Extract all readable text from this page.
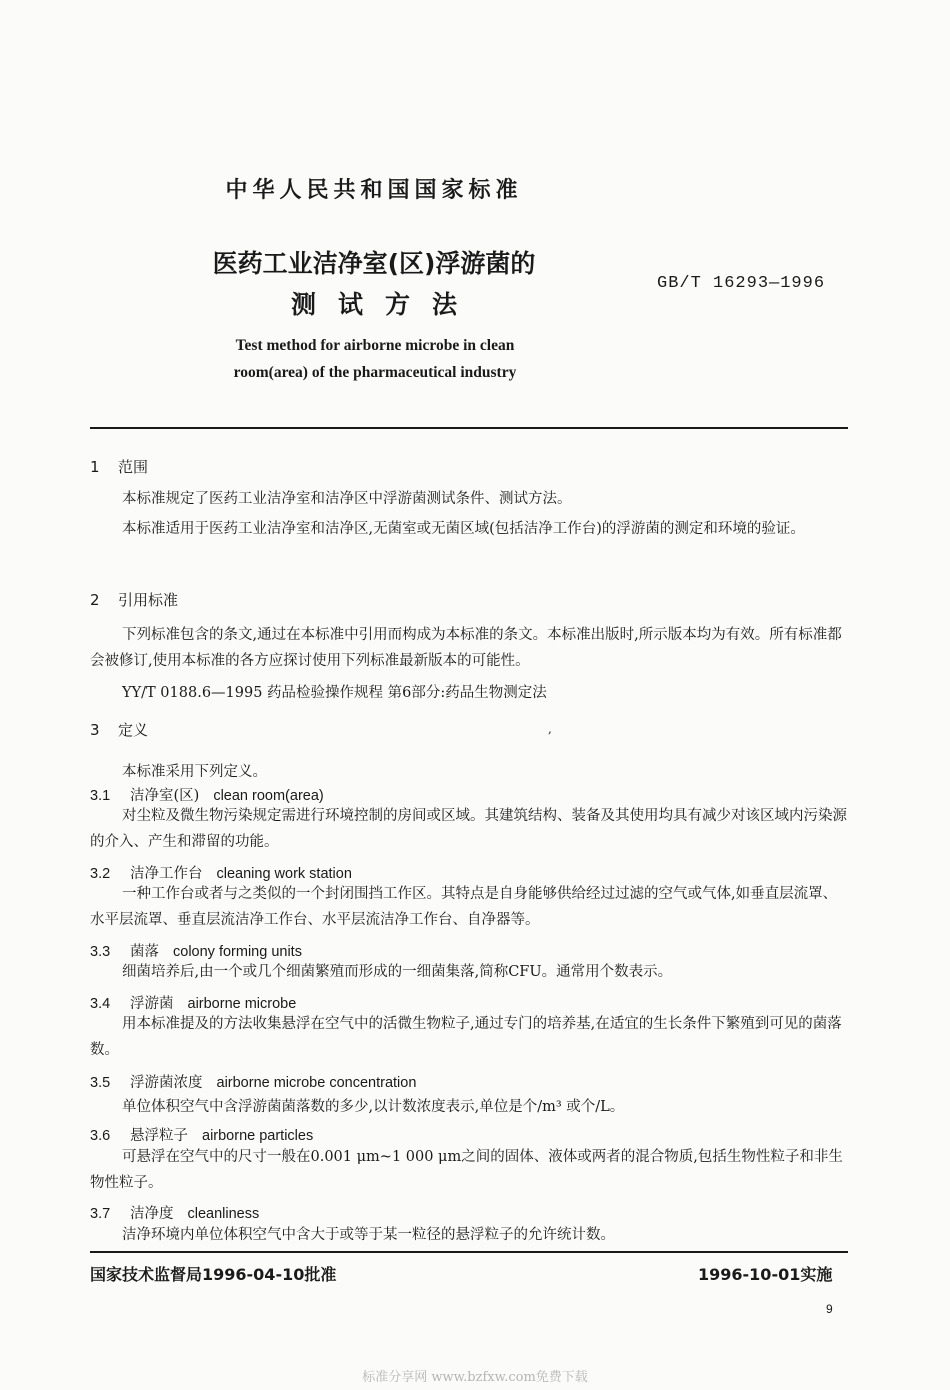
中华人民共和国国家标准
医药工业洁净室(区)浮游菌的
测试方法
GB/T 16293—1996
Test method for airborne microbe in clean
room(area) of the pharmaceutical industry
1 范围
本标准规定了医药工业洁净室和洁净区中浮游菌测试条件、测试方法。
本标准适用于医药工业洁净室和洁净区,无菌室或无菌区域(包括洁净工作台)的浮游菌的测定和环境的验证。
2 引用标准
下列标准包含的条文,通过在本标准中引用而构成为本标准的条文。本标准出版时,所示版本均为有效。所有标准都会被修订,使用本标准的各方应探讨使用下列标准最新版本的可能性。
YY/T 0188.6—1995 药品检验操作规程 第6部分:药品生物测定法
3 定义	,
本标准采用下列定义。
3.1 洁净室(区) clean room(area)
对尘粒及微生物污染规定需进行环境控制的房间或区域。其建筑结构、装备及其使用均具有减少对该区域内污染源的介入、产生和滞留的功能。
3.2 洁净工作台 cleaning work station
一种工作台或者与之类似的一个封闭围挡工作区。其特点是自身能够供给经过过滤的空气或气体,如垂直层流罩、水平层流罩、垂直层流洁净工作台、水平层流洁净工作台、自净器等。
3.3 菌落 colony forming units
细菌培养后,由一个或几个细菌繁殖而形成的一细菌集落,简称CFU。通常用个数表示。
3.4 浮游菌 airborne microbe
用本标准提及的方法收集悬浮在空气中的活微生物粒子,通过专门的培养基,在适宜的生长条件下繁殖到可见的菌落数。
3.5 浮游菌浓度 airborne microbe concentration
单位体积空气中含浮游菌菌落数的多少,以计数浓度表示,单位是个/m³ 或个/L。
3.6 悬浮粒子 airborne particles
可悬浮在空气中的尺寸一般在0.001 μm~1 000 μm之间的固体、液体或两者的混合物质,包括生物性粒子和非生物性粒子。
3.7 洁净度 cleanliness
洁净环境内单位体积空气中含大于或等于某一粒径的悬浮粒子的允许统计数。
国家技术监督局1996-04-10批准	1996-10-01实施
9
标准分享网 www.bzfxw.com免费下载
